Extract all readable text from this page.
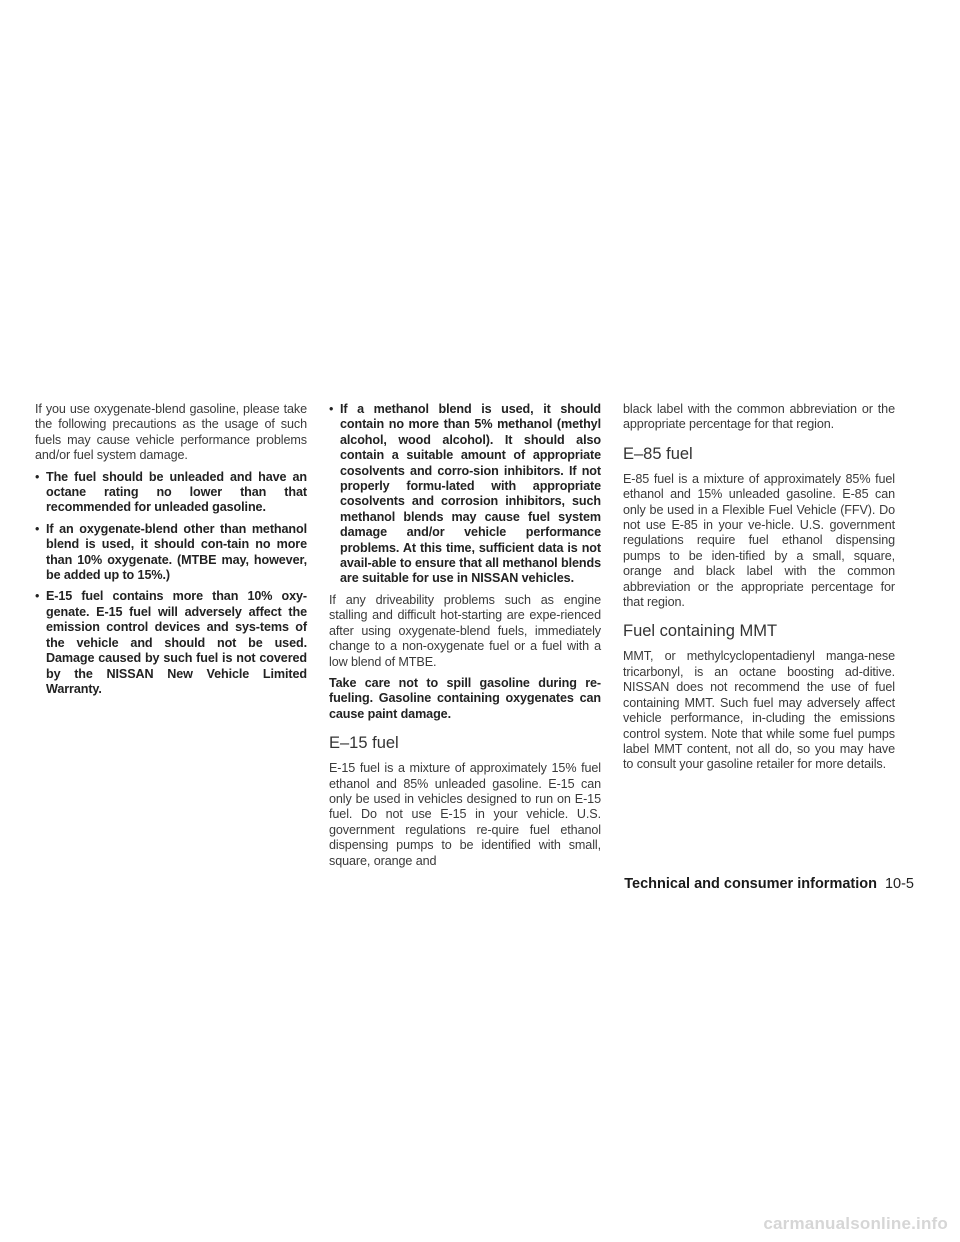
If you use oxygenate-blend gasoline, please take the following precautions as the usage of such fuels may cause vehicle performance problems and/or fuel system damage.

• The fuel should be unleaded and have an octane rating no lower than that recommended for unleaded gasoline.
• If an oxygenate-blend other than methanol blend is used, it should con-tain no more than 10% oxygenate. (MTBE may, however, be added up to 15%.)
• E-15 fuel contains more than 10% oxy-genate. E-15 fuel will adversely affect the emission control devices and sys-tems of the vehicle and should not be used. Damage caused by such fuel is not covered by the NISSAN New Vehicle Limited Warranty.
• If a methanol blend is used, it should contain no more than 5% methanol (methyl alcohol, wood alcohol). It should also contain a suitable amount of appropriate cosolvents and corro-sion inhibitors. If not properly formu-lated with appropriate cosolvents and corrosion inhibitors, such methanol blends may cause fuel system damage and/or vehicle performance problems. At this time, sufficient data is not avail-able to ensure that all methanol blends are suitable for use in NISSAN vehicles.

If any driveability problems such as engine stalling and difficult hot-starting are expe-rienced after using oxygenate-blend fuels, immediately change to a non-oxygenate fuel or a fuel with a low blend of MTBE.

Take care not to spill gasoline during re-fueling. Gasoline containing oxygenates can cause paint damage.

E–15 fuel

E-15 fuel is a mixture of approximately 15% fuel ethanol and 85% unleaded gasoline. E-15 can only be used in vehicles designed to run on E-15 fuel. Do not use E-15 in your vehicle. U.S. government regulations re-quire fuel ethanol dispensing pumps to be identified with small, square, orange and

black label with the common abbreviation or the appropriate percentage for that region.

E–85 fuel

E-85 fuel is a mixture of approximately 85% fuel ethanol and 15% unleaded gasoline. E-85 can only be used in a Flexible Fuel Vehicle (FFV). Do not use E-85 in your ve-hicle. U.S. government regulations require fuel ethanol dispensing pumps to be iden-tified by a small, square, orange and black label with the common abbreviation or the appropriate percentage for that region.

Fuel containing MMT

MMT, or methylcyclopentadienyl manga-nese tricarbonyl, is an octane boosting ad-ditive. NISSAN does not recommend the use of fuel containing MMT. Such fuel may adversely affect vehicle performance, in-cluding the emissions control system. Note that while some fuel pumps label MMT content, not all do, so you may have to consult your gasoline retailer for more details.

Technical and consumer information 10-5
carmanualsonline.info
